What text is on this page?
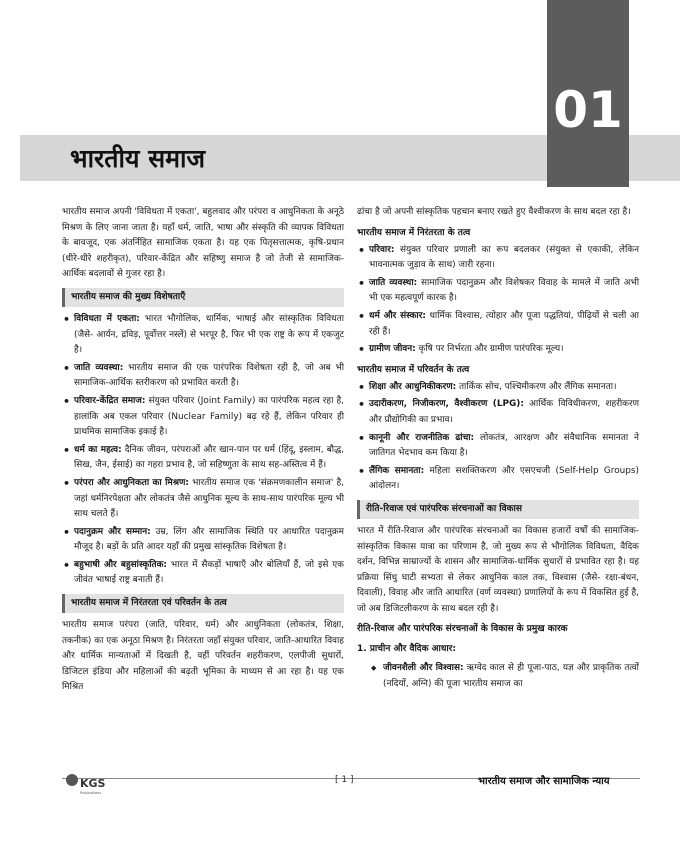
01
भारतीय समाज

भारतीय समाज अपनी 'विविधता में एकता', बहुलवाद और परंपरा व आधुनिकता के अनूठे मिश्रण के लिए जाना जाता है। यहाँ धर्म, जाति, भाषा और संस्कृति की व्यापक विविधता के बावजूद, एक अंतर्निहित सामाजिक एकता है। यह एक पितृसत्तात्मक, कृषि-प्रधान (धीरे-धीरे शहरीकृत), परिवार-केंद्रित और सहिष्णु समाज है जो तेजी से सामाजिक-आर्थिक बदलावों से गुजर रहा है।

भारतीय समाज की मुख्य विशेषताएँ
• विविधता में एकता: भारत भौगोलिक, धार्मिक, भाषाई और सांस्कृतिक विविधता (जैसे- आर्यन, द्रविड़, पूर्वोत्तर नस्लें) से भरपूर है, फिर भी एक राष्ट्र के रूप में एकजुट है।
• जाति व्यवस्था: भारतीय समाज की एक पारंपरिक विशेषता रही है, जो अब भी सामाजिक-आर्थिक स्तरीकरण को प्रभावित करती है।
• परिवार-केंद्रित समाज: संयुक्त परिवार (Joint Family) का पारंपरिक महत्व रहा है, हालांकि अब एकल परिवार (Nuclear Family) बढ़ रहे हैं, लेकिन परिवार ही प्राथमिक सामाजिक इकाई है।
• धर्म का महत्व: दैनिक जीवन, परंपराओं और खान-पान पर धर्म (हिंदू, इस्लाम, बौद्ध, सिख, जैन, ईसाई) का गहरा प्रभाव है, जो सहिष्णुता के साथ सह-अस्तित्व में हैं।
• परंपरा और आधुनिकता का मिश्रण: भारतीय समाज एक 'संक्रमणकालीन समाज' है, जहां धर्मनिरपेक्षता और लोकतंत्र जैसे आधुनिक मूल्य के साथ-साथ पारंपरिक मूल्य भी साथ चलते हैं।
• पदानुक्रम और सम्मान: उम्र, लिंग और सामाजिक स्थिति पर आधारित पदानुक्रम मौजूद है। बड़ों के प्रति आदर यहाँ की प्रमुख सांस्कृतिक विशेषता है।
• बहुभाषी और बहुसांस्कृतिक: भारत में सैकड़ों भाषाएँ और बोलियाँ हैं, जो इसे एक जीवंत भाषाई राष्ट्र बनाती हैं।
भारतीय समाज में निरंतरता एवं परिवर्तन के तत्व

भारतीय समाज परंपरा (जाति, परिवार, धर्म) और आधुनिकता (लोकतंत्र, शिक्षा, तकनीक) का एक अनूठा मिश्रण है। निरंतरता जहाँ संयुक्त परिवार, जाति-आधारित विवाह और धार्मिक मान्यताओं में दिखती है, वहीं परिवर्तन शहरीकरण, एलपीजी सुधारों, डिजिटल इंडिया और महिलाओं की बढ़ती भूमिका के माध्यम से आ रहा है। यह एक मिश्रित

ढांचा है जो अपनी सांस्कृतिक पहचान बनाए रखते हुए वैश्वीकरण के साथ बदल रहा है।

भारतीय समाज में निरंतरता के तत्व
• परिवार: संयुक्त परिवार प्रणाली का रूप बदलकर (संयुक्त से एकाकी, लेकिन भावनात्मक जुड़ाव के साथ) जारी रहना।
• जाति व्यवस्था: सामाजिक पदानुक्रम और विशेषकर विवाह के मामले में जाति अभी भी एक महत्वपूर्ण कारक है।
• धर्म और संस्कार: धार्मिक विश्वास, त्योहार और पूजा पद्धतियां, पीढ़ियों से चली आ रही हैं।
• ग्रामीण जीवन: कृषि पर निर्भरता और ग्रामीण पारंपरिक मूल्य।
भारतीय समाज में परिवर्तन के तत्व
• शिक्षा और आधुनिकीकरण: तार्किक सोच, पश्चिमीकरण और लैंगिक समानता।
• उदारीकरण, निजीकरण, वैश्वीकरण (LPG): आर्थिक विविधीकरण, शहरीकरण और प्रौद्योगिकी का प्रभाव।
• कानूनी और राजनीतिक ढांचा: लोकतंत्र, आरक्षण और संवैधानिक समानता ने जातिगत भेदभाव कम किया है।
• लैंगिक समानता: महिला सशक्तिकरण और एसएचजी (Self-Help Groups) आंदोलन।
रीति-रिवाज एवं पारंपरिक संरचनाओं का विकास

भारत में रीति-रिवाज और पारंपरिक संरचनाओं का विकास हजारों वर्षों की सामाजिक-सांस्कृतिक विकास यात्रा का परिणाम है, जो मुख्य रूप से भौगोलिक विविधता, वैदिक दर्शन, विभिन्न साम्राज्यों के शासन और सामाजिक-धार्मिक सुधारों से प्रभावित रहा है। यह प्रक्रिया सिंधु घाटी सभ्यता से लेकर आधुनिक काल तक, विश्वास (जैसे- रक्षा-बंधन, दिवाली), विवाह और जाति आधारित (वर्ण व्यवस्था) प्रणालियों के रूप में विकसित हुई है, जो अब डिजिटलीकरण के साथ बदल रही है।

रीति-रिवाज और पारंपरिक संरचनाओं के विकास के प्रमुख कारक
1. प्राचीन और वैदिक आधार:
◆ जीवनशैली और विश्वास: ऋग्वेद काल से ही पूजा-पाठ, यज्ञ और प्राकृतिक तत्वों (नदियों, अग्नि) की पूजा भारतीय समाज का
KGS
Publications
[ 1 ]	भारतीय समाज और सामाजिक न्याय
